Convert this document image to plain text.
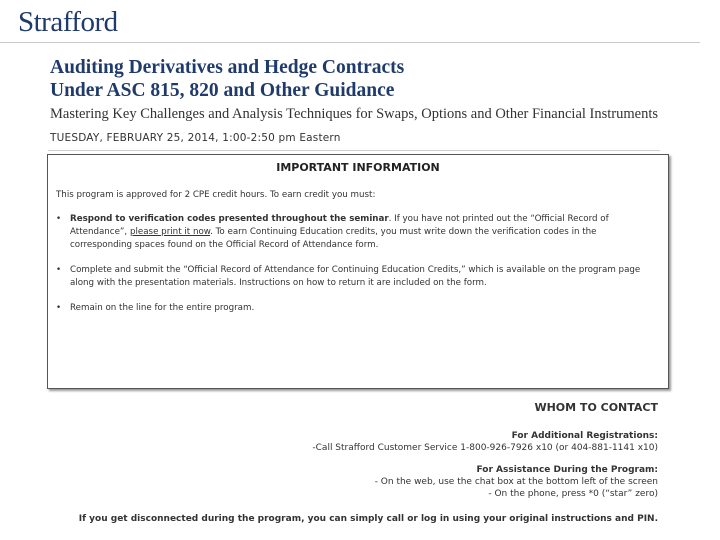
Strafford
Auditing Derivatives and Hedge Contracts
Under ASC 815, 820 and Other Guidance
Mastering Key Challenges and Analysis Techniques for Swaps, Options and Other Financial Instruments
TUESDAY, FEBRUARY 25, 2014, 1:00-2:50 pm Eastern
IMPORTANT INFORMATION
This program is approved for 2 CPE credit hours. To earn credit you must:
• Respond to verification codes presented throughout the seminar. If you have not printed out the “Official Record of Attendance”, please print it now. To earn Continuing Education credits, you must write down the verification codes in the corresponding spaces found on the Official Record of Attendance form.
• Complete and submit the “Official Record of Attendance for Continuing Education Credits,” which is available on the program page along with the presentation materials. Instructions on how to return it are included on the form.
• Remain on the line for the entire program.
WHOM TO CONTACT
For Additional Registrations:
-Call Strafford Customer Service 1-800-926-7926 x10 (or 404-881-1141 x10)
For Assistance During the Program:
- On the web, use the chat box at the bottom left of the screen
- On the phone, press *0 (“star” zero)
If you get disconnected during the program, you can simply call or log in using your original instructions and PIN.
